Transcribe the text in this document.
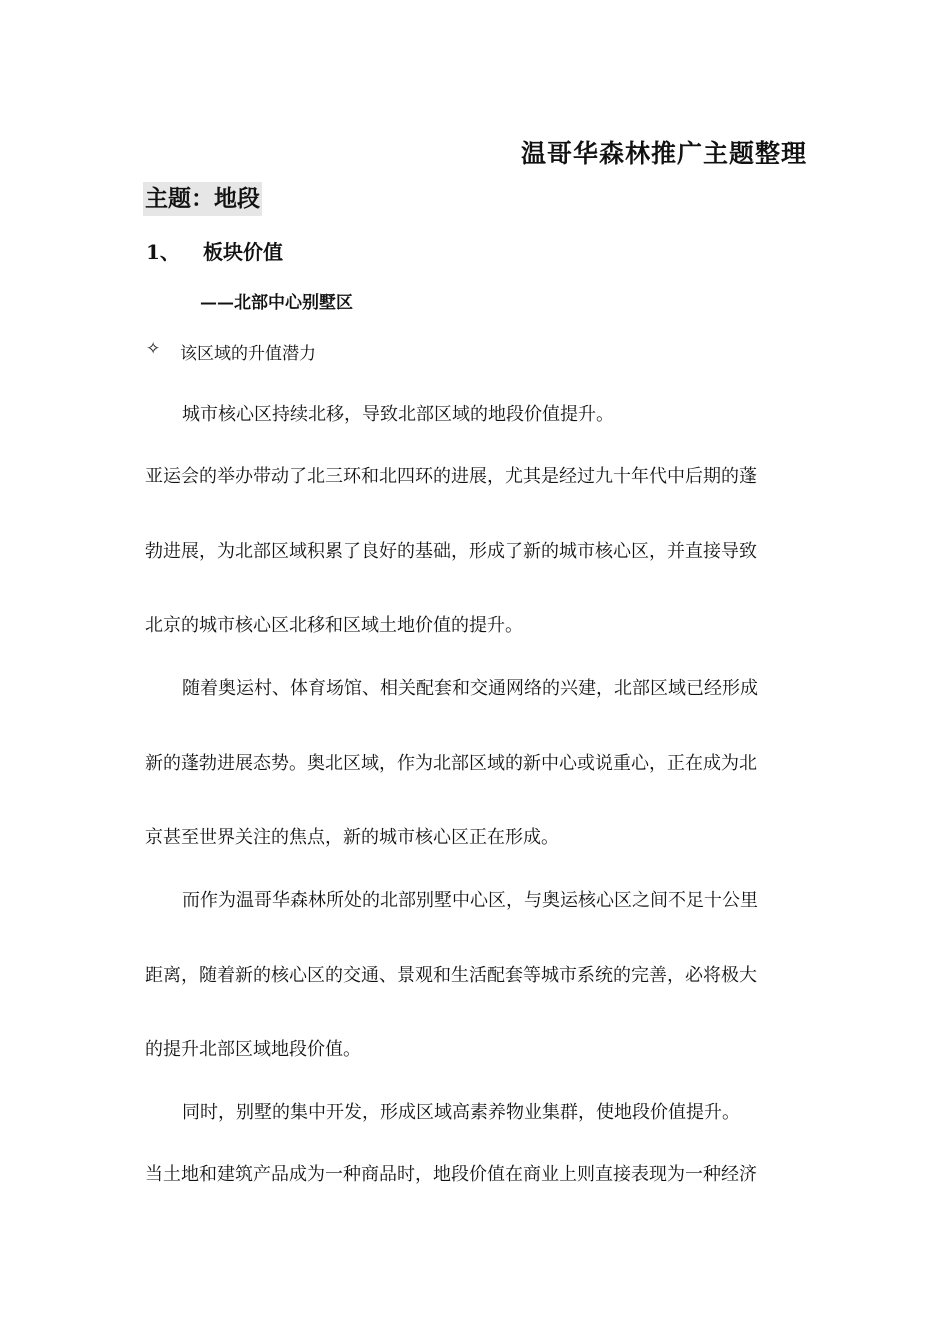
温哥华森林推广主题整理
主题：地段
1、 板块价值
——北部中心别墅区
✧ 该区域的升值潜力
城市核心区持续北移，导致北部区域的地段价值提升。
亚运会的举办带动了北三环和北四环的进展，尤其是经过九十年代中后期的蓬
勃进展，为北部区域积累了良好的基础，形成了新的城市核心区，并直接导致
北京的城市核心区北移和区域土地价值的提升。
随着奥运村、体育场馆、相关配套和交通网络的兴建，北部区域已经形成
新的蓬勃进展态势。奥北区域，作为北部区域的新中心或说重心，正在成为北
京甚至世界关注的焦点，新的城市核心区正在形成。
而作为温哥华森林所处的北部别墅中心区，与奥运核心区之间不足十公里
距离，随着新的核心区的交通、景观和生活配套等城市系统的完善，必将极大
的提升北部区域地段价值。
同时，别墅的集中开发，形成区域高素养物业集群，使地段价值提升。
当土地和建筑产品成为一种商品时，地段价值在商业上则直接表现为一种经济
